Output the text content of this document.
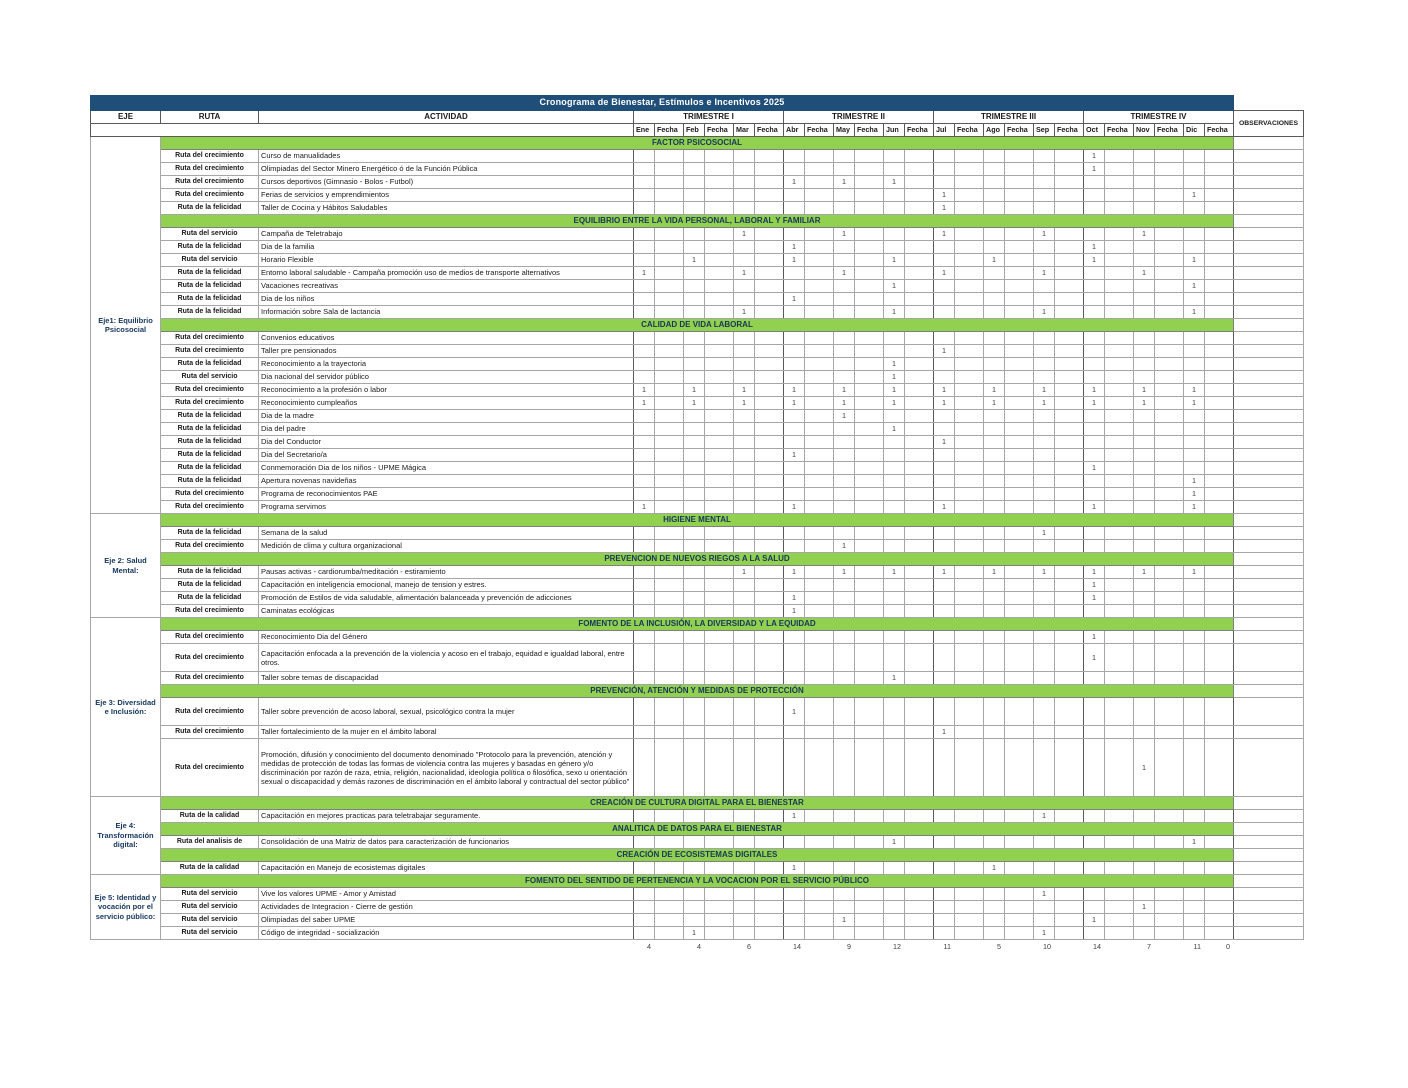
Cronograma de Bienestar, Estímulos e Incentivos 2025																											
EJE	RUTA	ACTIVIDAD	TRIMESTRE I						TRIMESTRE II						TRIMESTRE III						TRIMESTRE IV						OBSERVACIONES
			Ene	Fecha	Feb	Fecha	Mar	Fecha	Abr	Fecha	May	Fecha	Jun	Fecha	Jul	Fecha	Ago	Fecha	Sep	Fecha	Oct	Fecha	Nov	Fecha	Dic	Fecha	
Eje1: Equilibrio Psicosocial	FACTOR PSICOSOCIAL																										
	Ruta del crecimiento	Curso de manualidades																			1						
	Ruta del crecimiento	Olimpiadas del Sector Minero Energético ó de la Función Pública																			1						
	Ruta del crecimiento	Cursos deportivos (Gimnasio - Bolos - Futbol)							1		1		1														
	Ruta del crecimiento	Ferias de servicios y emprendimientos													1										1		
	Ruta de la felicidad	Taller de Cocina y Hábitos Saludables													1												
	EQUILIBRIO ENTRE LA VIDA PERSONAL, LABORAL Y FAMILIAR																										
	Ruta del servicio	Campaña de Teletrabajo					1				1				1				1				1				
	Ruta de la felicidad	Dia de la familia							1												1						
	Ruta del servicio	Horario Flexible			1				1				1				1				1				1		
	Ruta de la felicidad	Entorno laboral saludable - Campaña promoción uso de medios de transporte alternativos	1				1				1				1				1				1				
	Ruta de la felicidad	Vacaciones recreativas											1												1		
	Ruta de la felicidad	Dia de los niños							1																		
	Ruta de la felicidad	Información sobre Sala de lactancia					1						1						1						1		
	CALIDAD DE VIDA LABORAL																										
	Ruta del crecimiento	Convenios educativos																									
	Ruta del crecimiento	Taller pre pensionados													1												
	Ruta de la felicidad	Reconocimiento a la trayectoria											1														
	Ruta del servicio	Dia nacional del servidor público											1														
	Ruta del crecimiento	Reconocimiento a la profesión o labor	1		1		1		1		1		1		1		1		1		1		1		1		
	Ruta del crecimiento	Reconocimiento cumpleaños	1		1		1		1		1		1		1		1		1		1		1		1		
	Ruta de la felicidad	Dia de la madre									1																
	Ruta de la felicidad	Dia del padre											1														
	Ruta de la felicidad	Dia del Conductor													1												
	Ruta de la felicidad	Dia del Secretario/a							1																		
	Ruta de la felicidad	Conmemoración Dia de los niños - UPME Mágica																			1						
	Ruta de la felicidad	Apertura novenas navideñas																							1		
	Ruta del crecimiento	Programa de reconocimientos PAE																							1		
	Ruta del crecimiento	Programa servimos	1						1						1						1				1		
Eje 2: Salud Mental:	HIGIENE MENTAL																										
	Ruta de la felicidad	Semana de la salud																	1								
	Ruta del crecimiento	Medición de clima y cultura organizacional									1																
	PREVENCION DE NUEVOS RIEGOS A LA SALUD																										
	Ruta de la felicidad	Pausas activas - cardiorumba/meditación - estiramiento					1		1		1		1		1		1		1		1		1		1		
	Ruta de la felicidad	Capacitación en inteligencia emocional, manejo de tension y estres.																			1						
	Ruta de la felicidad	Promoción de Estilos de vida saludable, alimentación balanceada y prevención de adicciones							1												1						
	Ruta del crecimiento	Caminatas ecológicas							1																		
Eje 3: Diversidad e Inclusión:	FOMENTO DE LA INCLUSIÓN, LA DIVERSIDAD Y LA EQUIDAD																										
	Ruta del crecimiento	Reconocimiento Dia del Género																			1						
	Ruta del crecimiento	Capacitación enfocada a la prevención de la violencia y acoso en el trabajo, equidad e igualdad laboral, entre otros.																			1						
	Ruta del crecimiento	Taller sobre temas de discapacidad											1														
	PREVENCIÓN, ATENCIÓN Y MEDIDAS DE PROTECCIÓN																										
	Ruta del crecimiento	Taller sobre prevención de acoso laboral, sexual, psicológico contra la mujer							1																		
	Ruta del crecimiento	Taller fortalecimiento de la mujer en el ámbito laboral													1												
	Ruta del crecimiento	Promoción, difusión y conocimiento del documento denominado "Protocolo para la prevención, atención y medidas de protección de todas las formas de violencia contra las mujeres y basadas en género y/o discriminación por razón de raza, etnia, religión, nacionalidad, ideologia política o filosófica, sexo u orientación sexual o discapacidad y demás razones de discriminación en el ámbito laboral y contractual del sector público"																					1				
Eje 4: Transformación digital:	CREACIÓN DE CULTURA DIGITAL PARA EL BIENESTAR																										
	Ruta de la calidad	Capacitación en mejores practicas para teletrabajar seguramente.							1										1								
	ANALITICA DE DATOS PARA EL BIENESTAR																										
	Ruta del analisis de	Consolidación de una Matriz de datos para caracterización de funcionarios											1												1		
	CREACIÓN DE ECOSISTEMAS DIGITALES																										
	Ruta de la calidad	Capacitación en Manejo de ecosistemas digitales							1								1										
Eje 5: Identidad y vocación por el servicio público:	FOMENTO DEL SENTIDO DE PERTENENCIA Y LA VOCACION POR EL SERVICIO PÚBLICO																										
	Ruta del servicio	Vive los valores UPME - Amor y Amistad																	1								
	Ruta del servicio	Actividades de Integracion - Cierre de gestión																					1				
	Ruta del servicio	Olimpiadas del saber UPME									1										1						
	Ruta del servicio	Código de integridad - socialización			1														1								
	4		4		6		14		9		12		11		5		10		14		7		11	0	
